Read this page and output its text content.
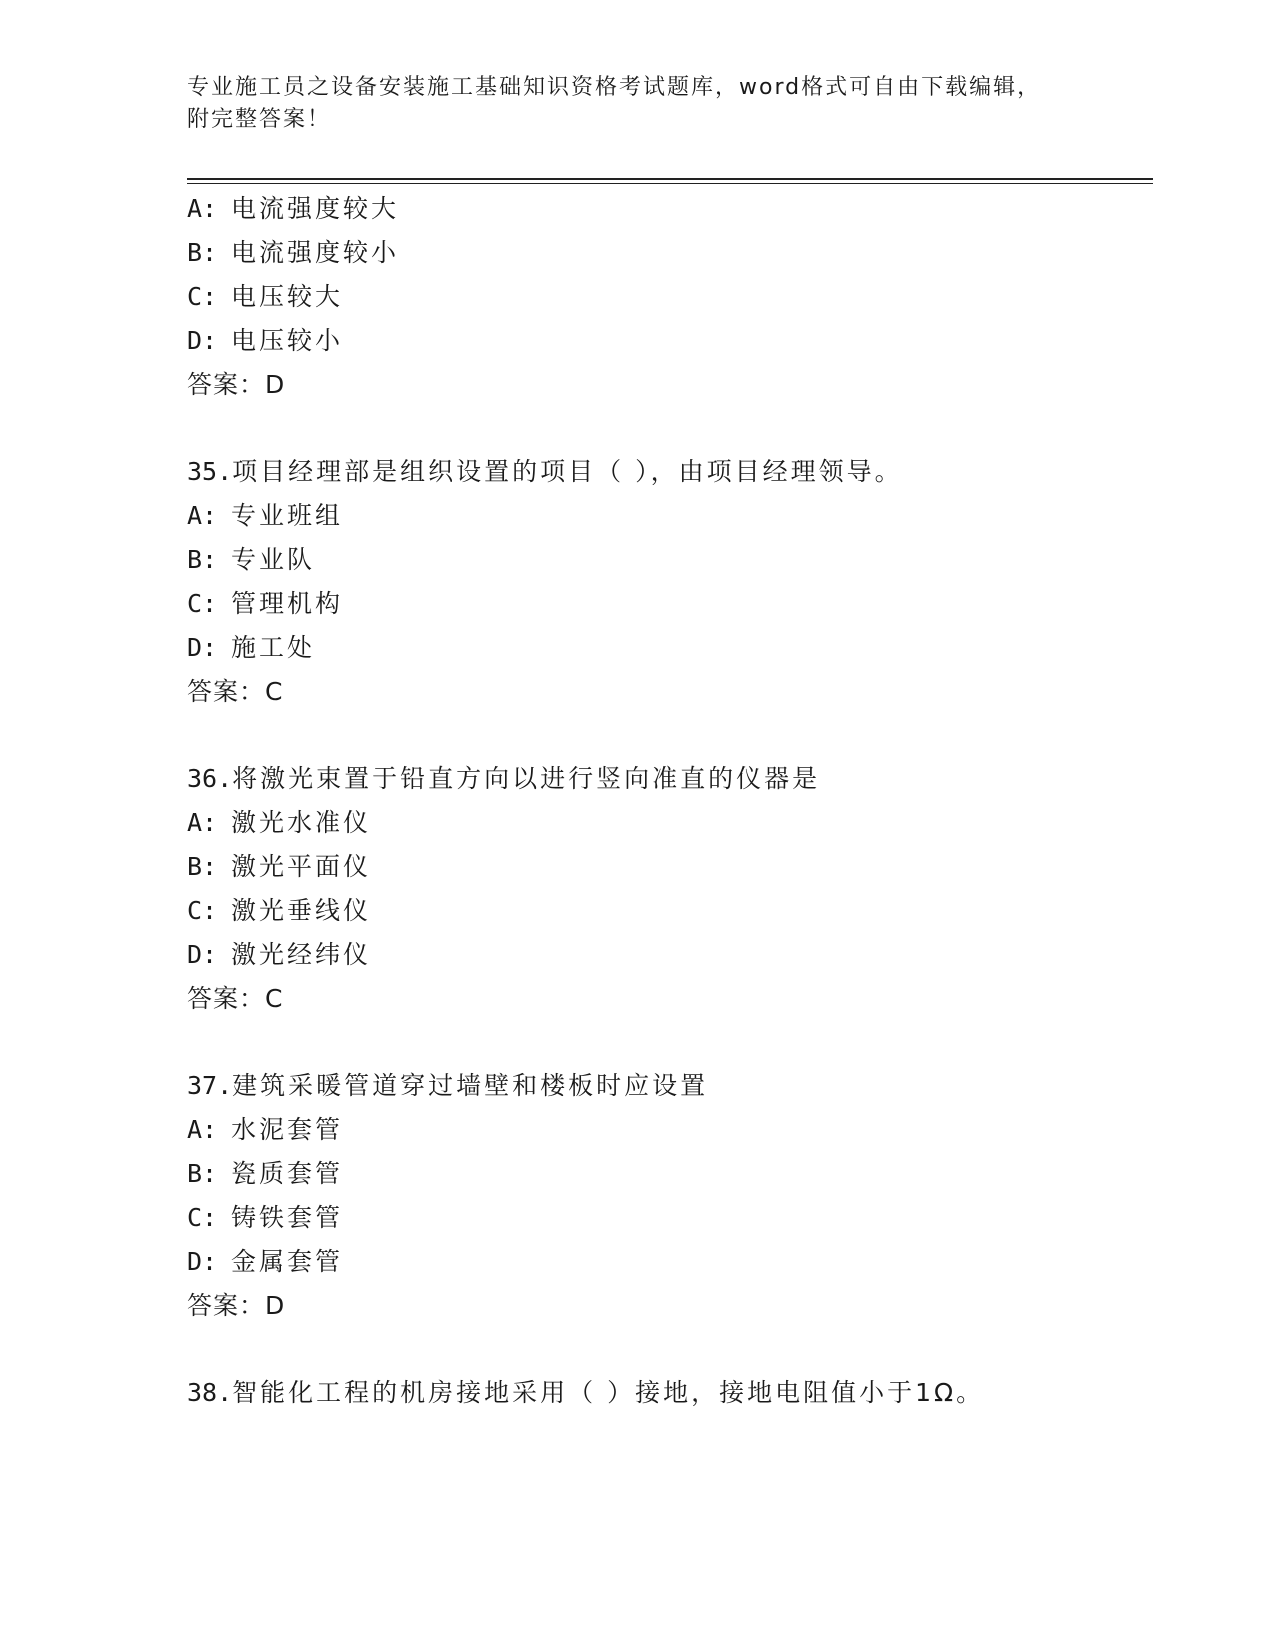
专业施工员之设备安装施工基础知识资格考试题库，word格式可自由下载编辑，
附完整答案！
A: 电流强度较大
B: 电流强度较小
C: 电压较大
D: 电压较小
答案：D
35.项目经理部是组织设置的项目（ ），由项目经理领导。
A: 专业班组
B: 专业队
C: 管理机构
D: 施工处
答案：C
36.将激光束置于铅直方向以进行竖向准直的仪器是
A: 激光水准仪
B: 激光平面仪
C: 激光垂线仪
D: 激光经纬仪
答案：C
37.建筑采暖管道穿过墙壁和楼板时应设置
A: 水泥套管
B: 瓷质套管
C: 铸铁套管
D: 金属套管
答案：D
38.智能化工程的机房接地采用（ ）接地，接地电阻值小于1Ω。
